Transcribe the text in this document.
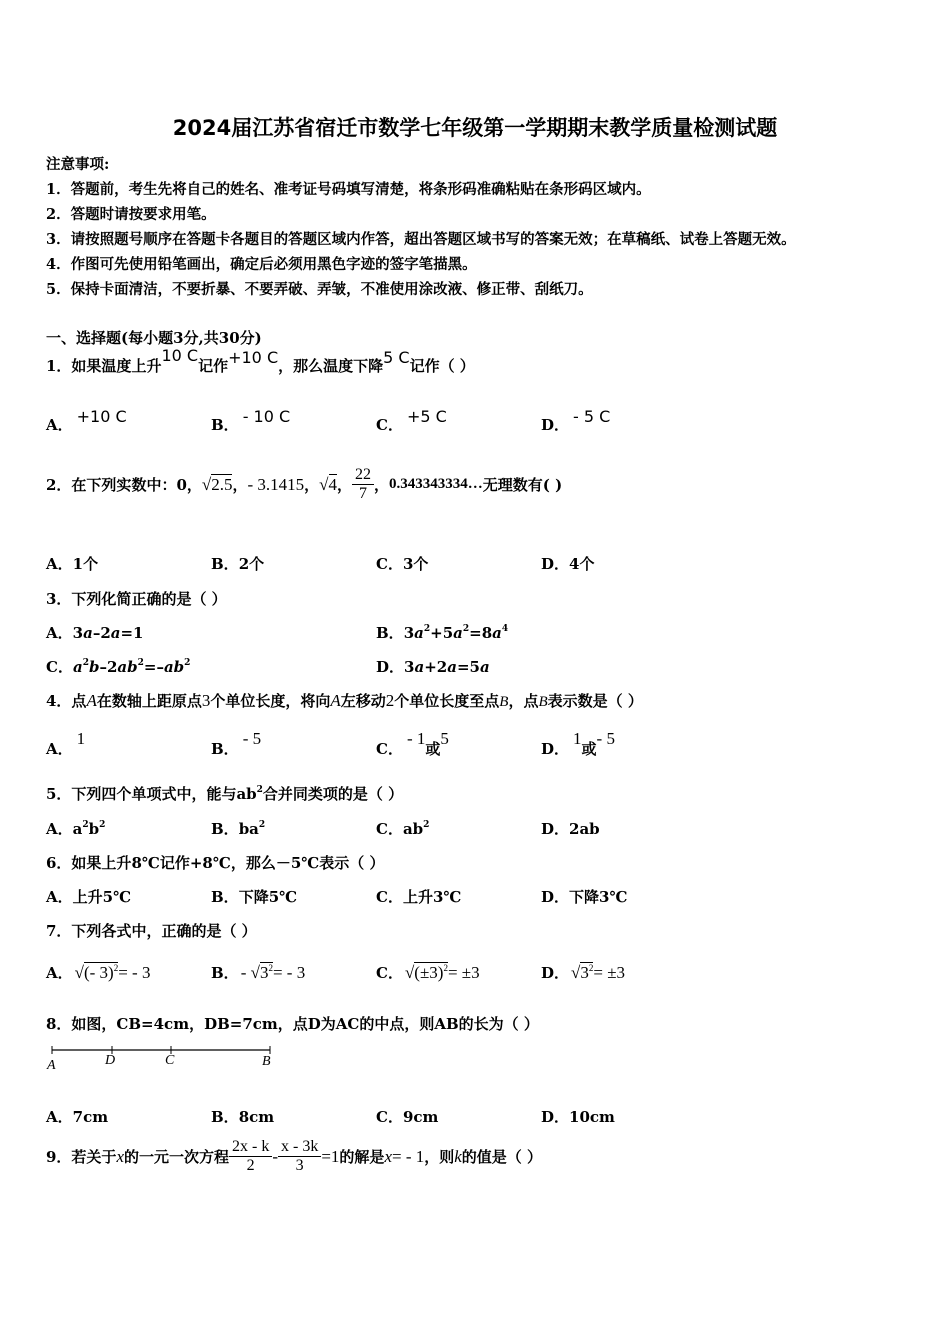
2024届江苏省宿迁市数学七年级第一学期期末教学质量检测试题
注意事项:
1．答题前，考生先将自己的姓名、准考证号码填写清楚，将条形码准确粘贴在条形码区域内。
2．答题时请按要求用笔。
3．请按照题号顺序在答题卡各题目的答题区域内作答，超出答题区域书写的答案无效；在草稿纸、试卷上答题无效。
4．作图可先使用铅笔画出，确定后必须用黑色字迹的签字笔描黑。
5．保持卡面清洁，不要折暴、不要弄破、弄皱，不准使用涂改液、修正带、刮纸刀。
一、选择题(每小题3分,共30分)
1．如果温度上升10 C记作+10 C，那么温度下降5 C记作（ ）
A． +10 C	B． - 10 C	C． +5 C	D． - 5 C
2．在下列实数中：0，√2.5，- 3.1415，√4， $\frac{22}{7}$ ，0.343343334…无理数有( )
A．1个	B．2个	C．3个	D．4个
3．下列化简正确的是（ ）
A．3a–2a=1	B．$3a^2+5a^2=8a^4$
C．$a^2b-2ab^2=-ab^2$	D．3a+2a=5a
4．点A在数轴上距原点3个单位长度，将向A左移动2个单位长度至点B，点B表示数是（ ）
A．1
B．- 5
C．- 1或5
D．1或- 5
5．下列四个单项式中，能与$ab^2$合并同类项的是（ ）
A．$a^2b^2$	B．$ba^2$	C．$ab^2$	D．2ab
6．如果上升8℃记作+8℃，那么－5℃表示（ ）
A．上升5℃	B．下降5℃	C．上升3℃	D．下降3℃
7．下列各式中，正确的是（ ）
A． √(- 3)$^2$= - 3	B． - $√3^2= - 3$	C． $√(\pm 3)^2= \pm 3$	D． $√3^2= \pm 3$
8．如图，CB=4cm，DB=7cm，点D为AC的中点，则AB的长为（ ）
A	D	C	B
A．7cm	B．8cm	C．9cm	D．10cm
9．若关于x的一元一次方程 $\frac{2x - k}{2} - \frac{x - 3k}{3} =1$的解是x= - 1，则k的值是（ ）
